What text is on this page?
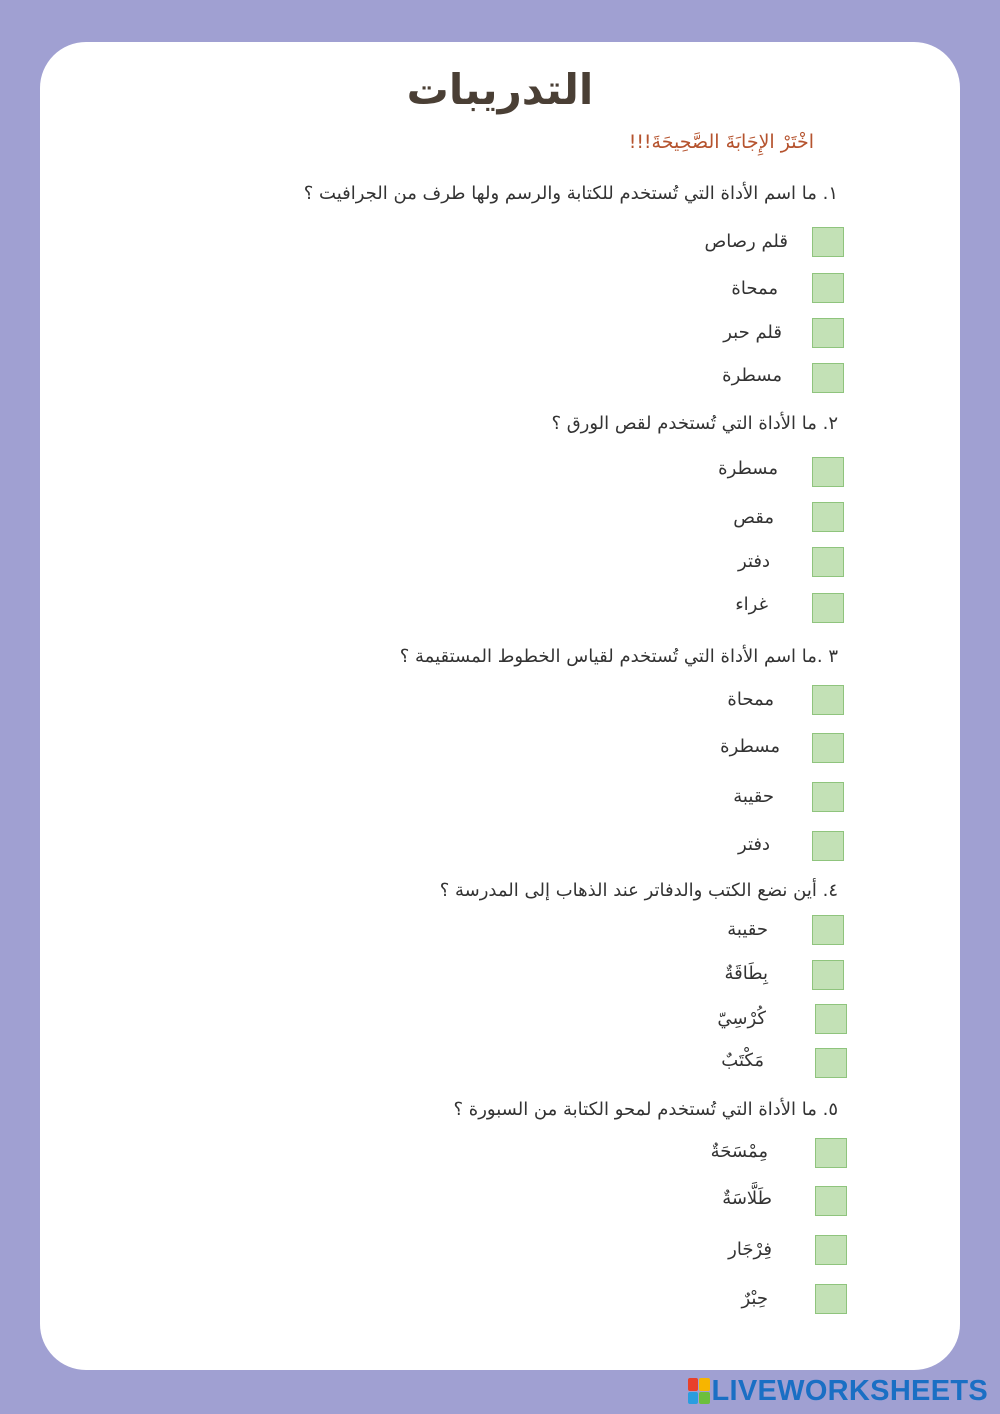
التدريبات
اخْتَرْ الإِجَابَةَ الصَّحِيحَةَ!!!
١. ما اسم الأداة التي تُستخدم للكتابة والرسم ولها طرف من الجرافيت ؟
قلم رصاص
ممحاة
قلم حبر
مسطرة
٢. ما الأداة التي تُستخدم لقص الورق ؟
مسطرة
مقص
دفتر
غراء
٣ .ما اسم الأداة التي تُستخدم لقياس الخطوط المستقيمة ؟
ممحاة
مسطرة
حقيبة
دفتر
٤. أين نضع الكتب والدفاتر عند الذهاب إلى المدرسة ؟
حقيبة
بِطَاقَةٌ
كُرْسِيّ
مَكْتَبٌ
٥. ما الأداة التي تُستخدم لمحو الكتابة من السبورة ؟
مِمْسَحَةٌ
طَلَّاسَةٌ
فِرْجَار
حِبْرٌ
LIVEWORKSHEETS
